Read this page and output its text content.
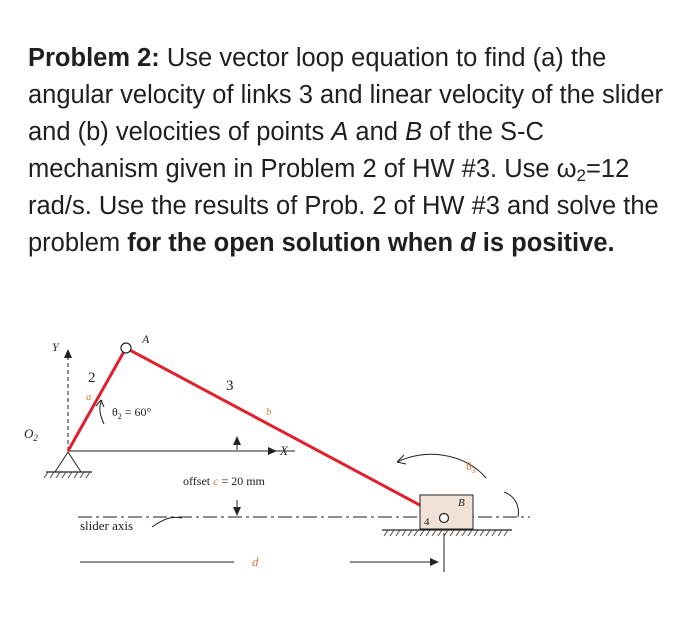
Problem 2: Use vector loop equation to find (a) the angular velocity of links 3 and linear velocity of the slider and (b) velocities of points A and B of the S-C mechanism given in Problem 2 of HW #3. Use $\omega_2=12$ rad/s. Use the results of Prob. 2 of HW #3 and solve the problem for the open solution when d is positive.
Y
X
$O_2$
2
a
$\theta_2 = 60^\circ$
3
b
A
offset c = 20 mm
slider axis	4
B
$\theta_3$
d
